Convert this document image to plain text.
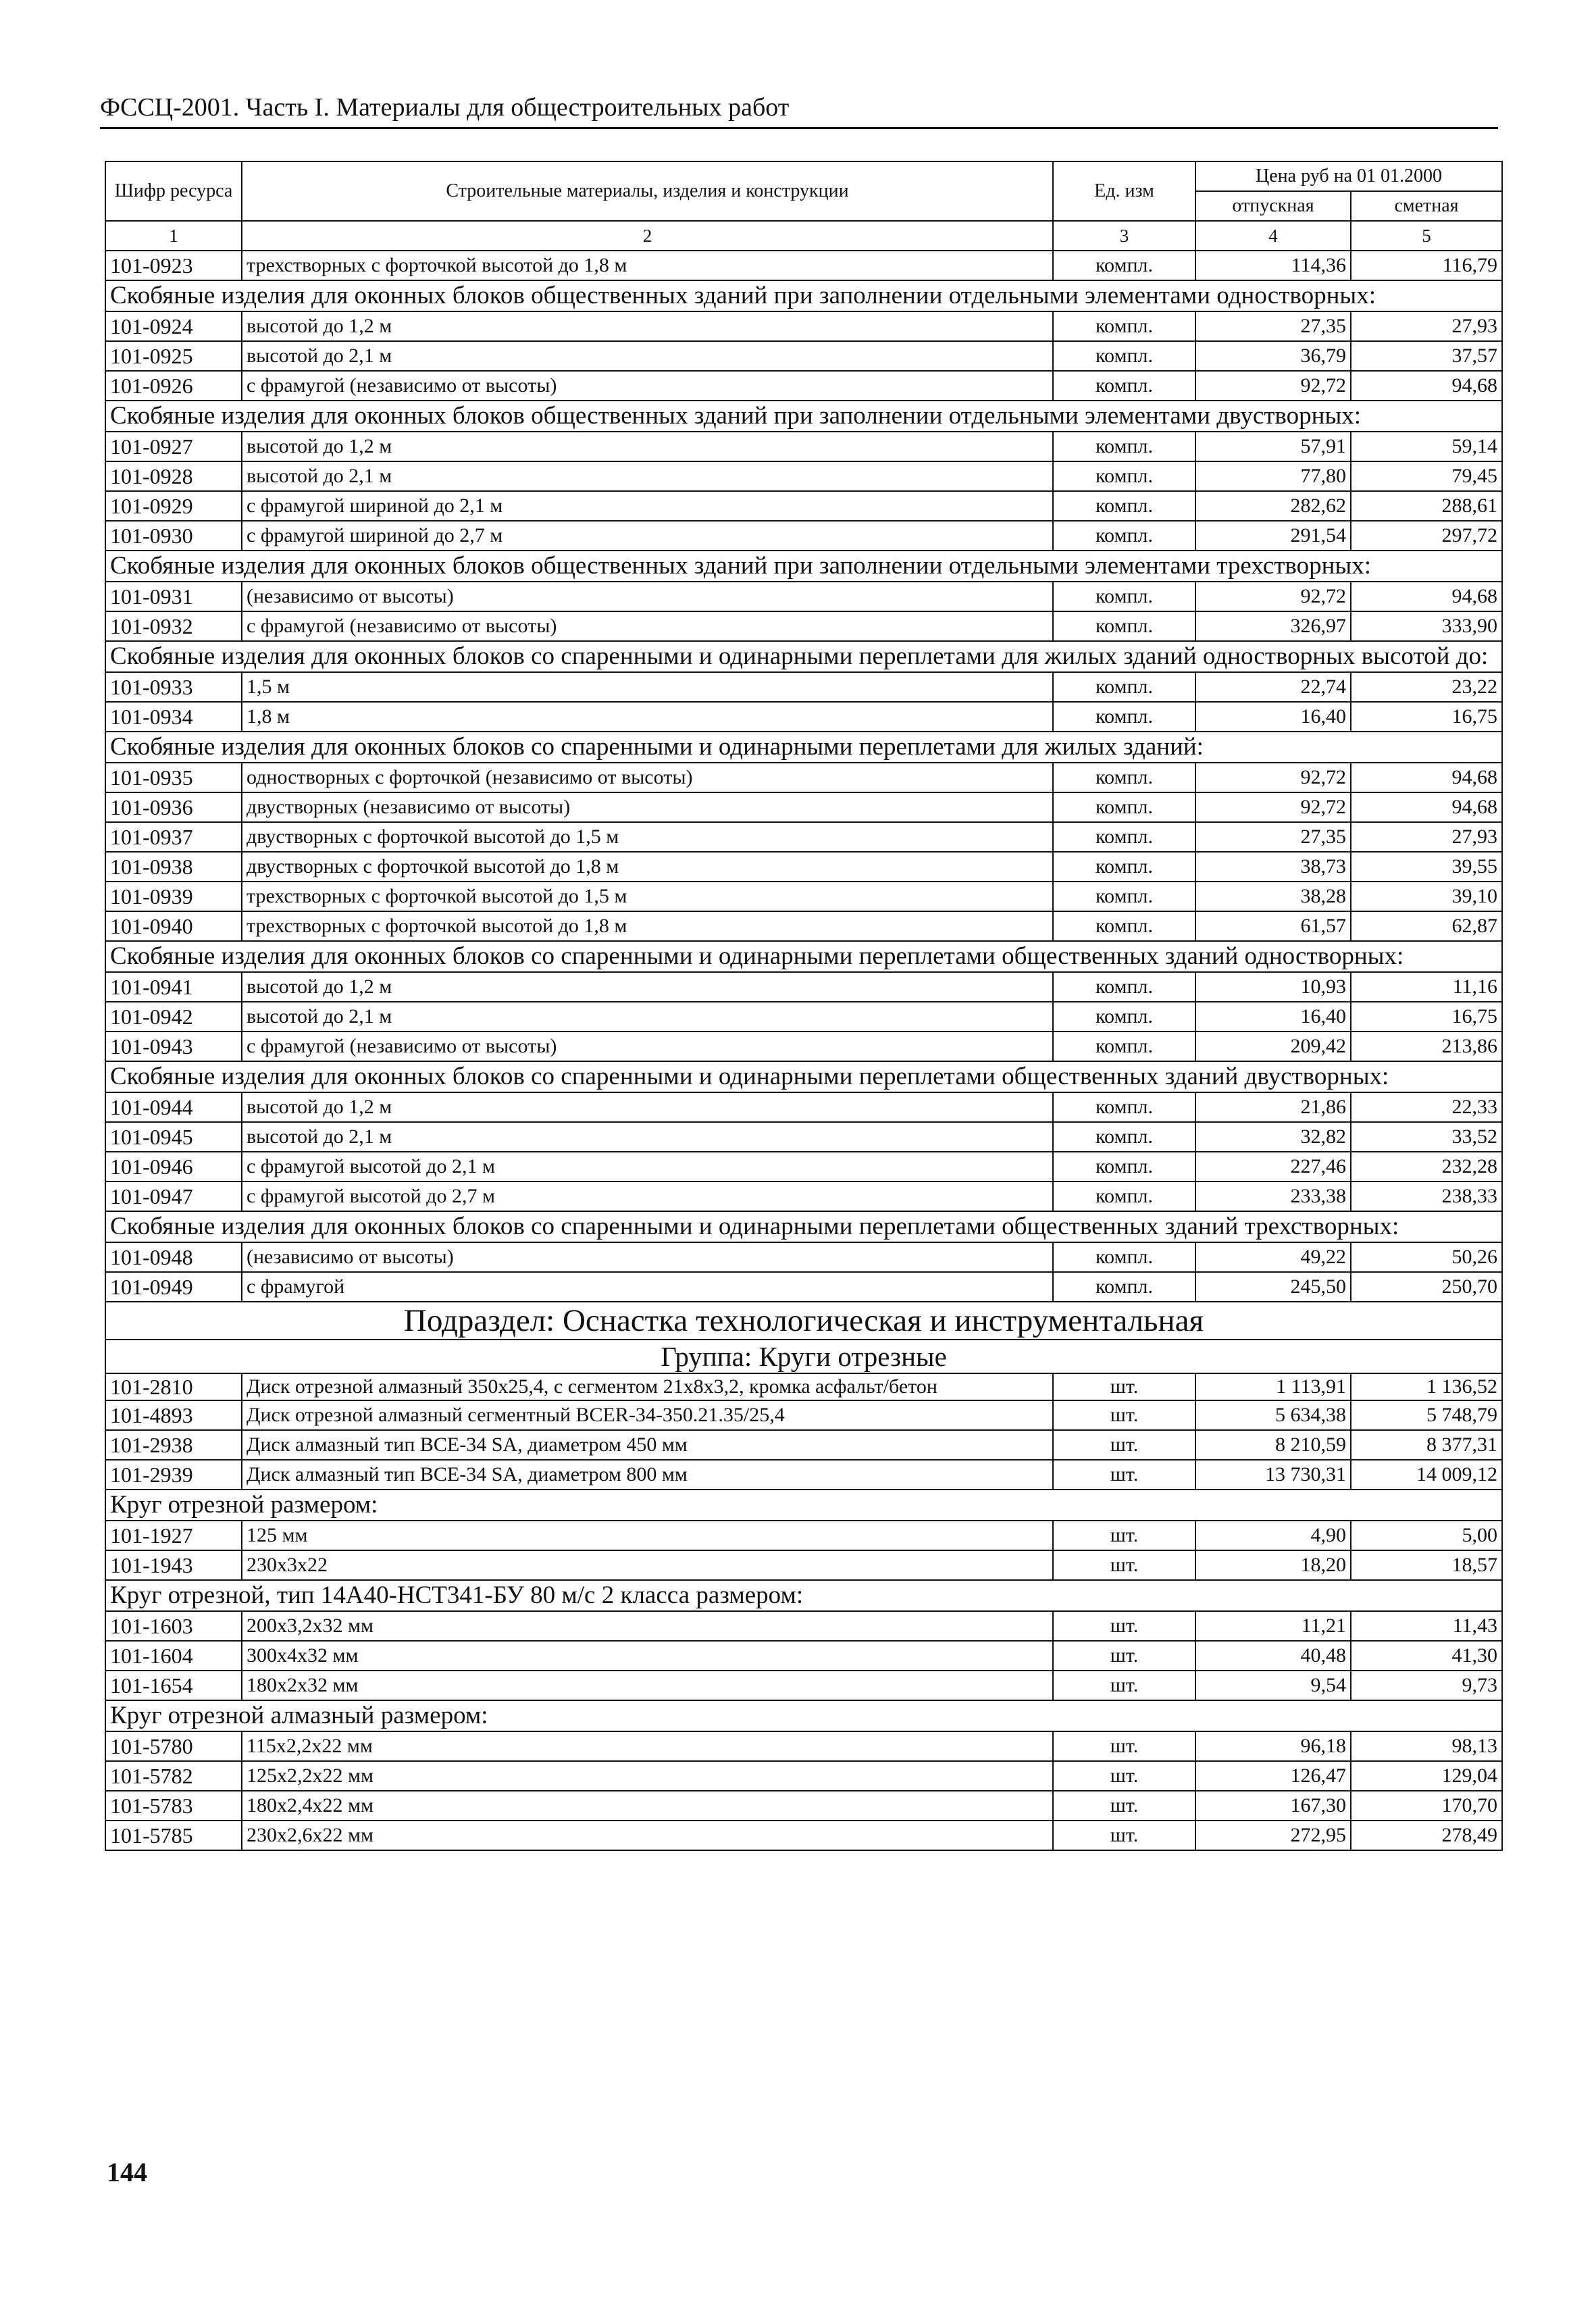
ФССЦ-2001. Часть I. Материалы для общестроительных работ
Шифр ресурса	Строительные материалы, изделия и конструкции	Ед. изм	Цена руб на 01 01.2000	
			отпускная	сметная
1	2	3	4	5
101-0923	трехстворных с форточкой высотой до 1,8 м	компл.	114,36	116,79
Скобяные изделия для оконных блоков общественных зданий при заполнении отдельными элементами одностворных:				
101-0924	высотой до 1,2 м	компл.	27,35	27,93
101-0925	высотой до 2,1 м	компл.	36,79	37,57
101-0926	с фрамугой (независимо от высоты)	компл.	92,72	94,68
Скобяные изделия для оконных блоков общественных зданий при заполнении отдельными элементами двустворных:				
101-0927	высотой до 1,2 м	компл.	57,91	59,14
101-0928	высотой до 2,1 м	компл.	77,80	79,45
101-0929	с фрамугой шириной до 2,1 м	компл.	282,62	288,61
101-0930	с фрамугой шириной до 2,7 м	компл.	291,54	297,72
Скобяные изделия для оконных блоков общественных зданий при заполнении отдельными элементами трехстворных:				
101-0931	(независимо от высоты)	компл.	92,72	94,68
101-0932	с фрамугой (независимо от высоты)	компл.	326,97	333,90
Скобяные изделия для оконных блоков со спаренными и одинарными переплетами для жилых зданий одностворных высотой до:				
101-0933	1,5 м	компл.	22,74	23,22
101-0934	1,8 м	компл.	16,40	16,75
Скобяные изделия для оконных блоков со спаренными и одинарными переплетами для жилых зданий:				
101-0935	одностворных с форточкой (независимо от высоты)	компл.	92,72	94,68
101-0936	двустворных (независимо от высоты)	компл.	92,72	94,68
101-0937	двустворных с форточкой высотой до 1,5 м	компл.	27,35	27,93
101-0938	двустворных с форточкой высотой до 1,8 м	компл.	38,73	39,55
101-0939	трехстворных с форточкой высотой до 1,5 м	компл.	38,28	39,10
101-0940	трехстворных с форточкой высотой до 1,8 м	компл.	61,57	62,87
Скобяные изделия для оконных блоков со спаренными и одинарными переплетами общественных зданий одностворных:				
101-0941	высотой до 1,2 м	компл.	10,93	11,16
101-0942	высотой до 2,1 м	компл.	16,40	16,75
101-0943	с фрамугой (независимо от высоты)	компл.	209,42	213,86
Скобяные изделия для оконных блоков со спаренными и одинарными переплетами общественных зданий двустворных:				
101-0944	высотой до 1,2 м	компл.	21,86	22,33
101-0945	высотой до 2,1 м	компл.	32,82	33,52
101-0946	с фрамугой высотой до 2,1 м	компл.	227,46	232,28
101-0947	с фрамугой высотой до 2,7 м	компл.	233,38	238,33
Скобяные изделия для оконных блоков со спаренными и одинарными переплетами общественных зданий трехстворных:				
101-0948	(независимо от высоты)	компл.	49,22	50,26
101-0949	с фрамугой	компл.	245,50	250,70
Подраздел: Оснастка технологическая и инструментальная				
Группа: Круги отрезные				
101-2810	Диск отрезной алмазный 350х25,4, с сегментом 21х8х3,2, кромка асфальт/бетон	шт.	1 113,91	1 136,52
101-4893	Диск отрезной алмазный сегментный BCER-34-350.21.35/25,4	шт.	5 634,38	5 748,79
101-2938	Диск алмазный тип ВСЕ-34 SA, диаметром 450 мм	шт.	8 210,59	8 377,31
101-2939	Диск алмазный тип ВСЕ-34 SA, диаметром 800 мм	шт.	13 730,31	14 009,12
Круг отрезной размером:				
101-1927	125 мм	шт.	4,90	5,00
101-1943	230х3х22	шт.	18,20	18,57
Круг отрезной, тип 14А40-НСТ341-БУ 80 м/с 2 класса размером:				
101-1603	200х3,2х32 мм	шт.	11,21	11,43
101-1604	300х4х32 мм	шт.	40,48	41,30
101-1654	180х2х32 мм	шт.	9,54	9,73
Круг отрезной алмазный размером:				
101-5780	115х2,2х22 мм	шт.	96,18	98,13
101-5782	125х2,2х22 мм	шт.	126,47	129,04
101-5783	180х2,4х22 мм	шт.	167,30	170,70
101-5785	230х2,6х22 мм	шт.	272,95	278,49
144
